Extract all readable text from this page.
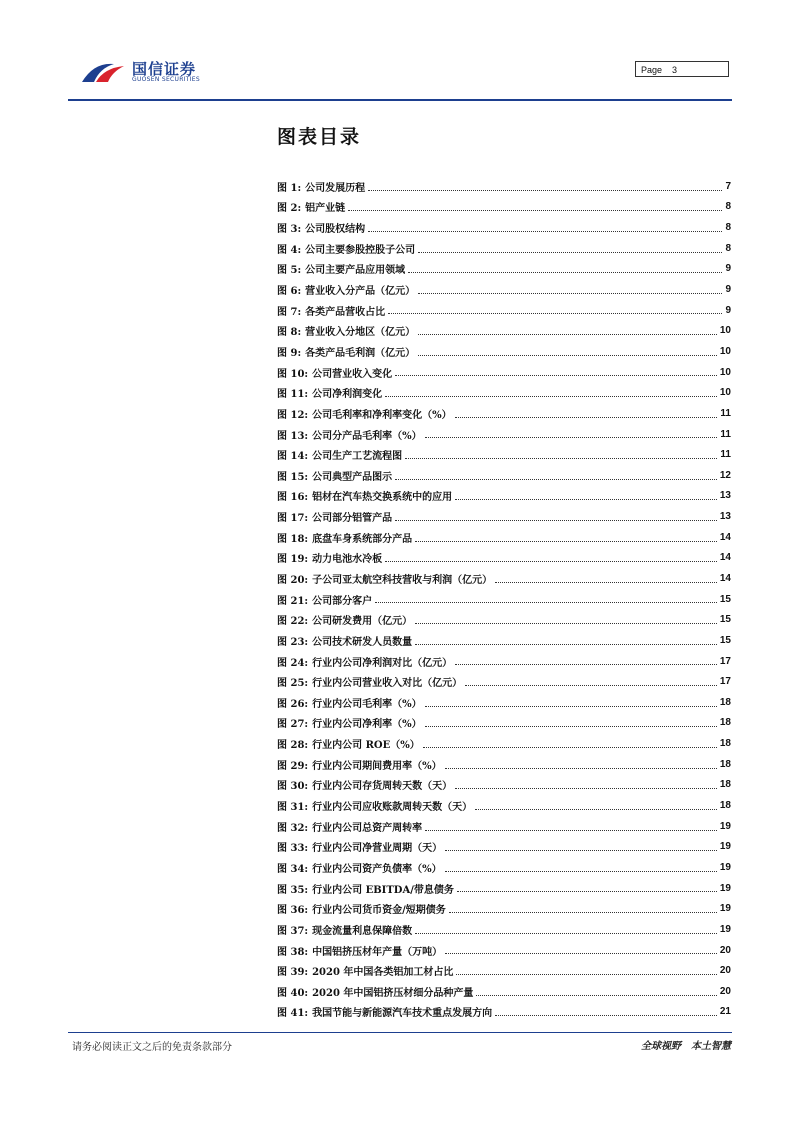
国信证券
GUOSEN SECURITIES
Page 3
图表目录
图 1: 公司发展历程	7
图 2: 铝产业链	8
图 3: 公司股权结构	8
图 4: 公司主要参股控股子公司	8
图 5: 公司主要产品应用领域	9
图 6: 营业收入分产品（亿元）	9
图 7: 各类产品营收占比	9
图 8: 营业收入分地区（亿元）	10
图 9: 各类产品毛利润（亿元）	10
图 10: 公司营业收入变化	10
图 11: 公司净利润变化	10
图 12: 公司毛利率和净利率变化（%）	11
图 13: 公司分产品毛利率（%）	11
图 14: 公司生产工艺流程图	11
图 15: 公司典型产品图示	12
图 16: 铝材在汽车热交换系统中的应用	13
图 17: 公司部分铝管产品	13
图 18: 底盘车身系统部分产品	14
图 19: 动力电池水冷板	14
图 20: 子公司亚太航空科技营收与利润（亿元）	14
图 21: 公司部分客户	15
图 22: 公司研发费用（亿元）	15
图 23: 公司技术研发人员数量	15
图 24: 行业内公司净利润对比（亿元）	17
图 25: 行业内公司营业收入对比（亿元）	17
图 26: 行业内公司毛利率（%）	18
图 27: 行业内公司净利率（%）	18
图 28: 行业内公司 ROE（%）	18
图 29: 行业内公司期间费用率（%）	18
图 30: 行业内公司存货周转天数（天）	18
图 31: 行业内公司应收账款周转天数（天）	18
图 32: 行业内公司总资产周转率	19
图 33: 行业内公司净营业周期（天）	19
图 34: 行业内公司资产负债率（%）	19
图 35: 行业内公司 EBITDA/带息债务	19
图 36: 行业内公司货币资金/短期债务	19
图 37: 现金流量利息保障倍数	19
图 38: 中国铝挤压材年产量（万吨）	20
图 39: 2020 年中国各类铝加工材占比	20
图 40: 2020 年中国铝挤压材细分品种产量	20
图 41: 我国节能与新能源汽车技术重点发展方向	21
请务必阅读正文之后的免责条款部分	全球视野 本土智慧
